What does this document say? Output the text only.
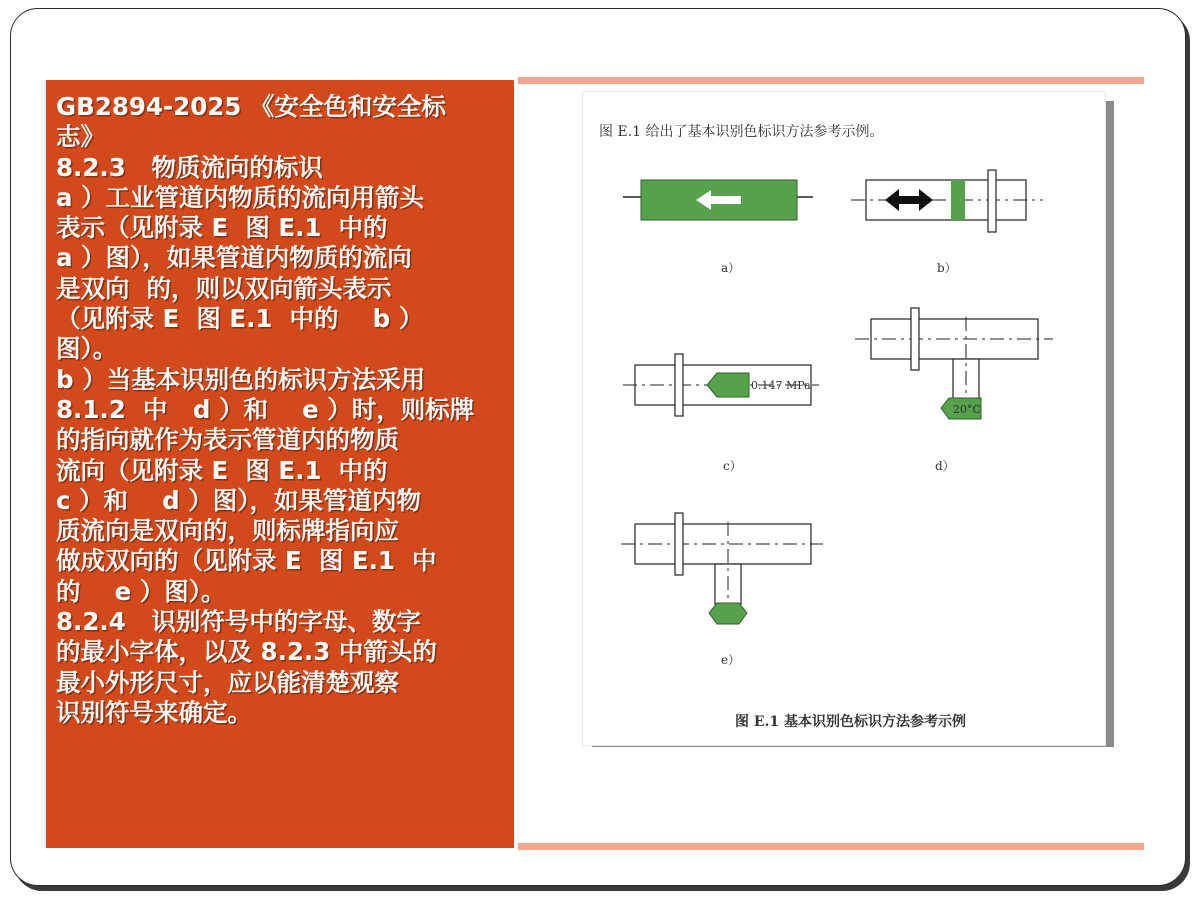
GB2894-2025 《安全色和安全标
志》
8.2.3   物质流向的标识
a ）工业管道内物质的流向用箭头
表示（见附录 E  图 E.1  中的
a ）图），如果管道内物质的流向
是双向  的，则以双向箭头表示
（见附录 E  图 E.1  中的    b ）
图）。
b ）当基本识别色的标识方法采用
8.1.2  中   d ）和    e ）时，则标牌
的指向就作为表示管道内的物质
流向（见附录 E  图 E.1  中的
c ）和    d ）图），如果管道内物
质流向是双向的，则标牌指向应
做成双向的（见附录 E  图 E.1  中
的    e ）图）。
8.2.4   识别符号中的字母、数字
的最小字体，以及 8.2.3 中箭头的
最小外形尺寸，应以能清楚观察
识别符号来确定。
图 E.1 给出了基本识别色标识方法参考示例。
a）	b）
0.147 MPa
c）
20°C
d）
e）
图 E.1 基本识别色标识方法参考示例
